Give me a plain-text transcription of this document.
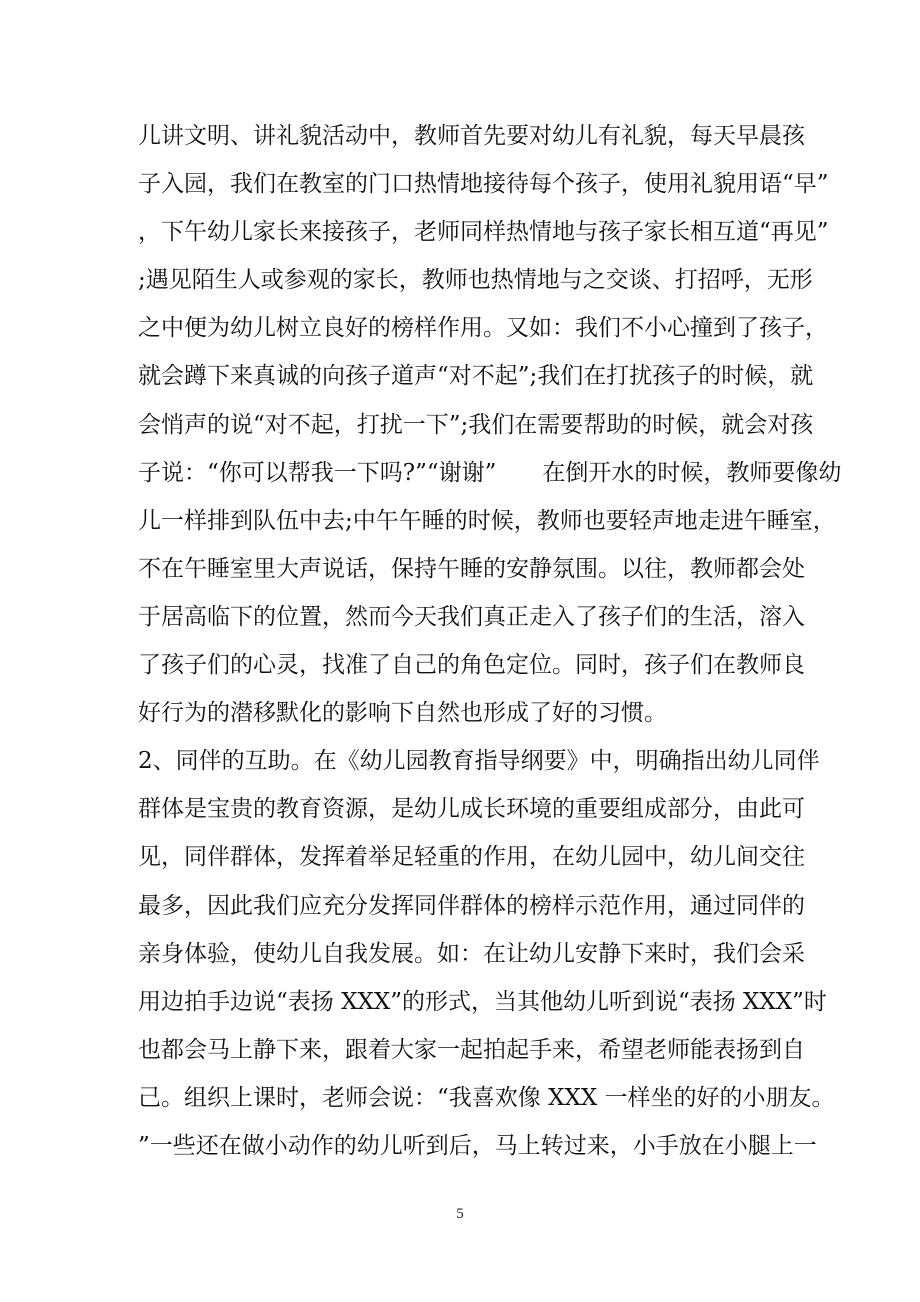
儿讲文明、讲礼貌活动中，教师首先要对幼儿有礼貌，每天早晨孩
子入园，我们在教室的门口热情地接待每个孩子，使用礼貌用语“早”
，下午幼儿家长来接孩子，老师同样热情地与孩子家长相互道“再见”
;遇见陌生人或参观的家长，教师也热情地与之交谈、打招呼，无形
之中便为幼儿树立良好的榜样作用。又如：我们不小心撞到了孩子，
就会蹲下来真诚的向孩子道声“对不起”;我们在打扰孩子的时候，就
会悄声的说“对不起，打扰一下”;我们在需要帮助的时候，就会对孩
子说：“你可以帮我一下吗?”“谢谢”　　在倒开水的时候，教师要像幼
儿一样排到队伍中去;中午午睡的时候，教师也要轻声地走进午睡室，
不在午睡室里大声说话，保持午睡的安静氛围。以往，教师都会处
于居高临下的位置，然而今天我们真正走入了孩子们的生活，溶入
了孩子们的心灵，找准了自己的角色定位。同时，孩子们在教师良
好行为的潜移默化的影响下自然也形成了好的习惯。
2、同伴的互助。在《幼儿园教育指导纲要》中，明确指出幼儿同伴
群体是宝贵的教育资源，是幼儿成长环境的重要组成部分，由此可
见，同伴群体，发挥着举足轻重的作用，在幼儿园中，幼儿间交往
最多，因此我们应充分发挥同伴群体的榜样示范作用，通过同伴的
亲身体验，使幼儿自我发展。如：在让幼儿安静下来时，我们会采
用边拍手边说“表扬 XXX”的形式，当其他幼儿听到说“表扬 XXX”时
也都会马上静下来，跟着大家一起拍起手来，希望老师能表扬到自
己。组织上课时，老师会说：“我喜欢像 XXX 一样坐的好的小朋友。
”一些还在做小动作的幼儿听到后，马上转过来，小手放在小腿上一
5
